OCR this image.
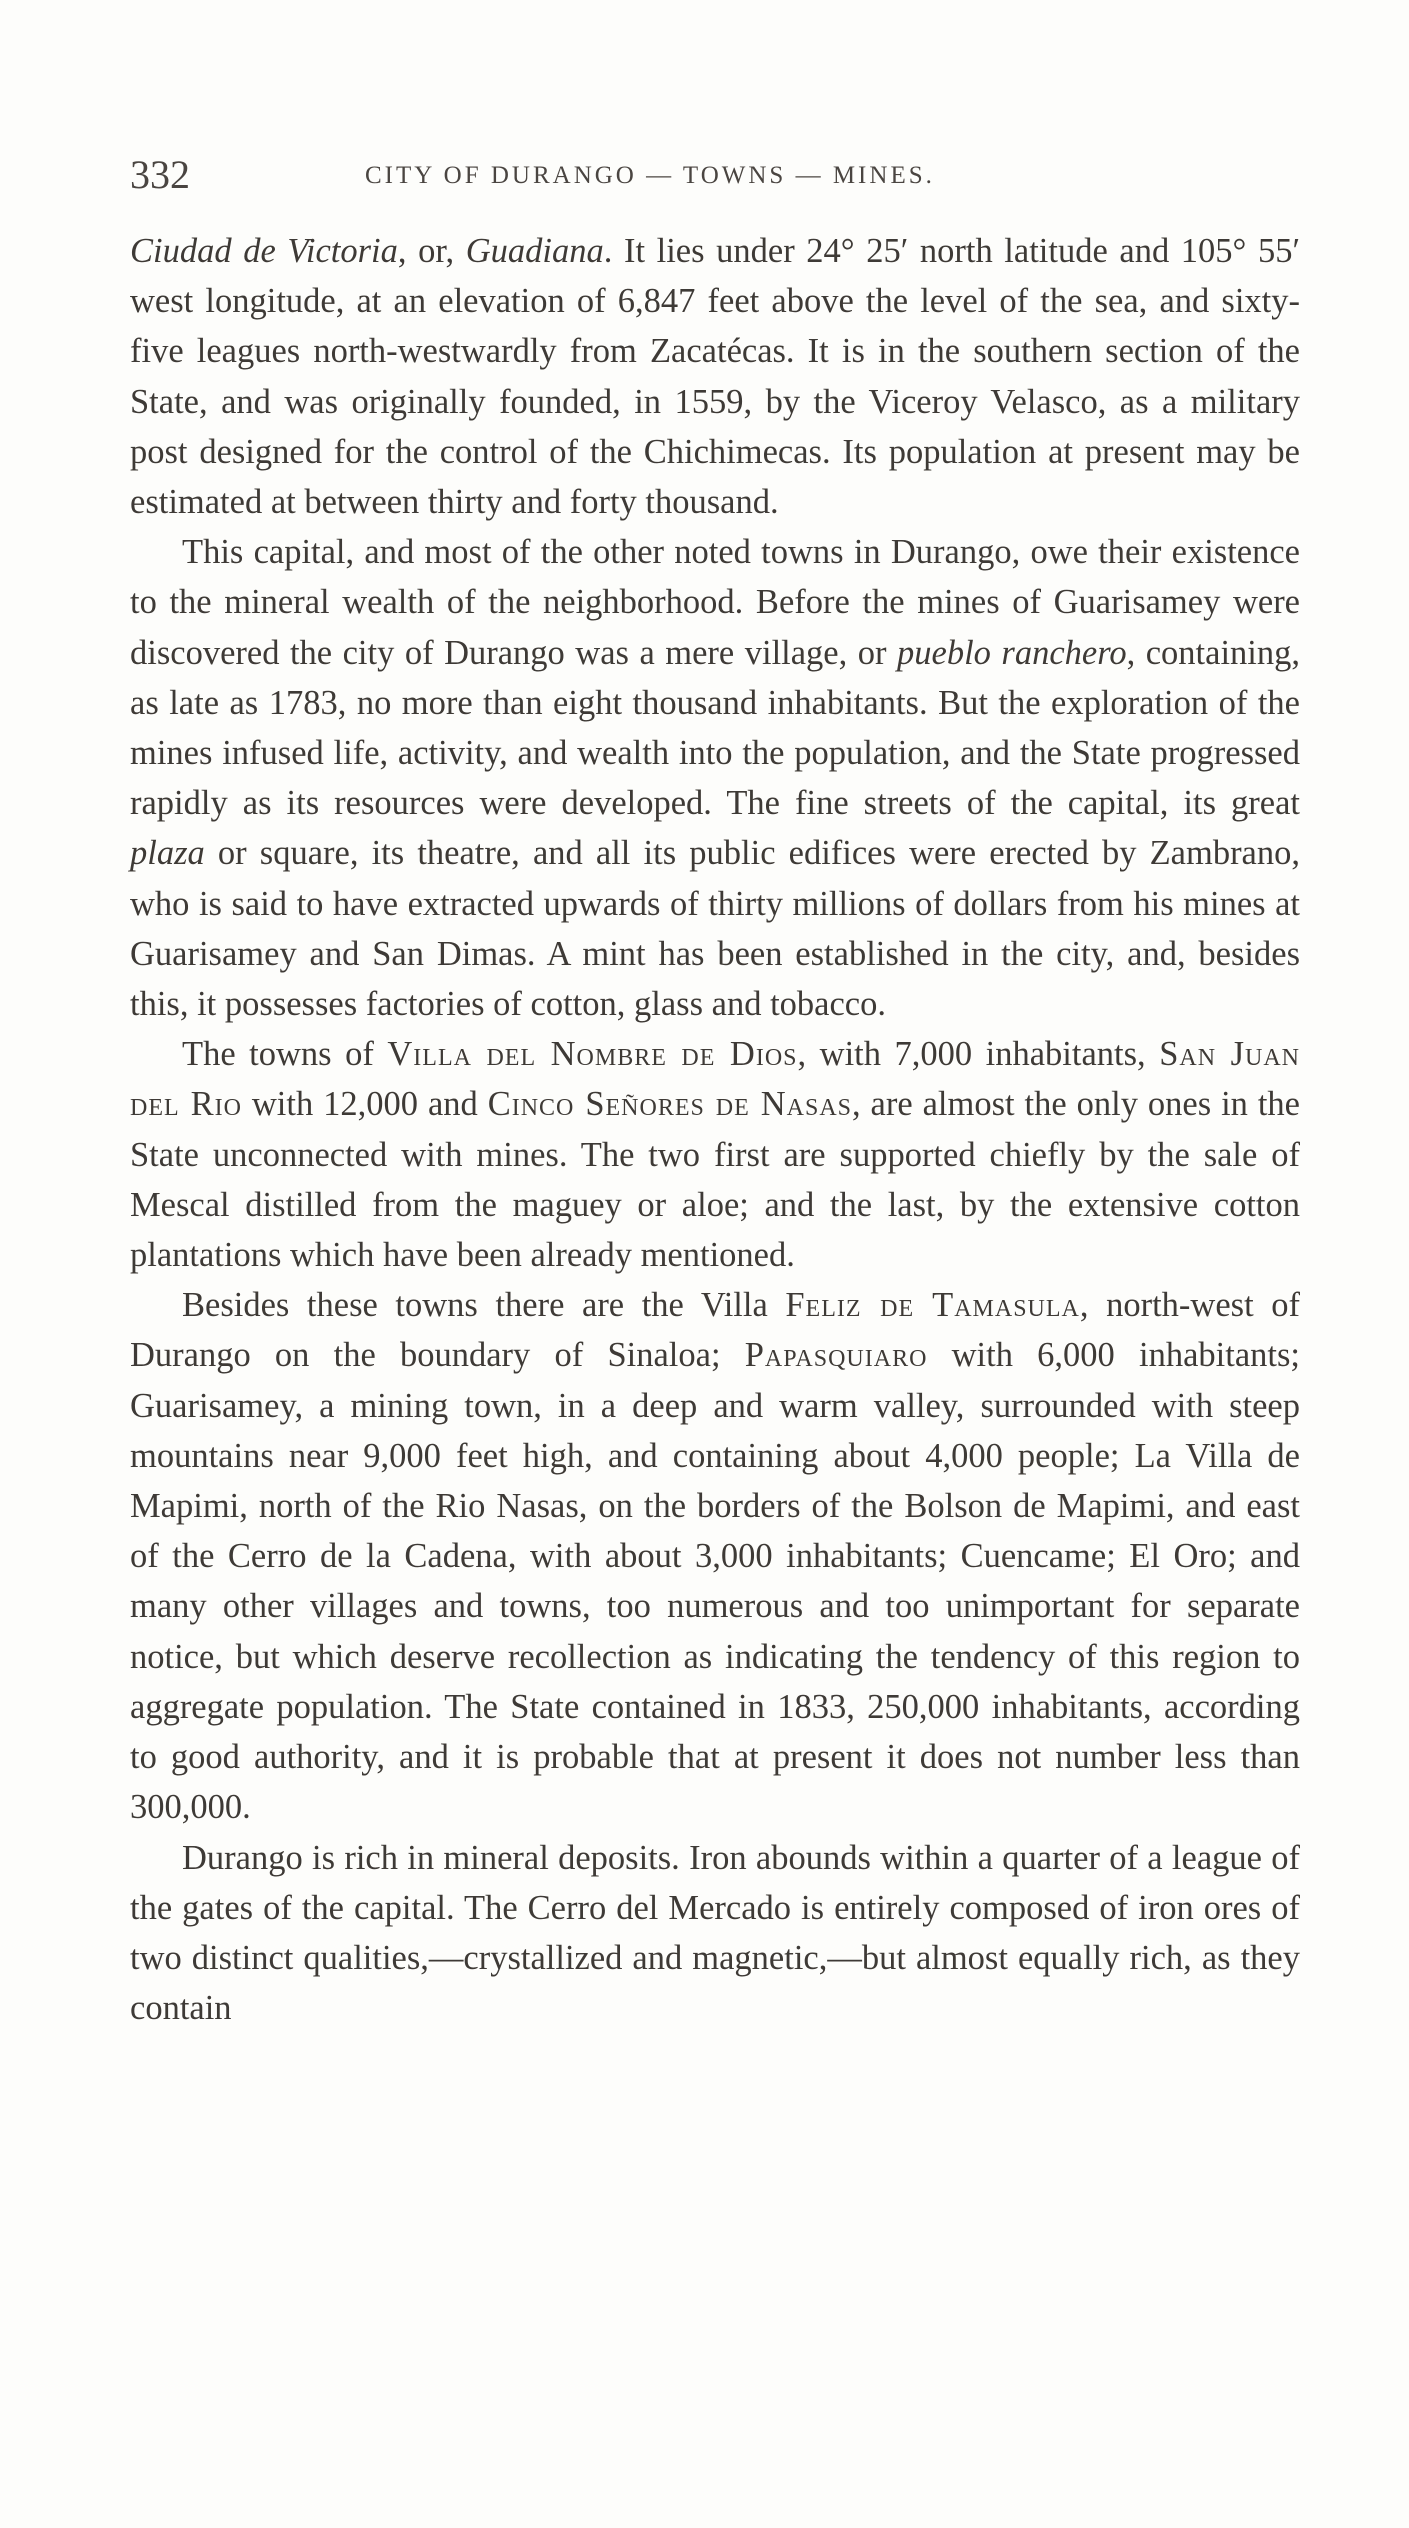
332	CITY OF DURANGO — TOWNS — MINES.

Ciudad de Victoria, or, Guadiana. It lies under 24° 25′ north latitude and 105° 55′ west longitude, at an elevation of 6,847 feet above the level of the sea, and sixty-five leagues north-westwardly from Zacatécas. It is in the southern section of the State, and was originally founded, in 1559, by the Viceroy Velasco, as a military post designed for the control of the Chichimecas. Its population at present may be estimated at between thirty and forty thousand.

This capital, and most of the other noted towns in Durango, owe their existence to the mineral wealth of the neighborhood. Before the mines of Guarisamey were discovered the city of Durango was a mere village, or pueblo ranchero, containing, as late as 1783, no more than eight thousand inhabitants. But the exploration of the mines infused life, activity, and wealth into the population, and the State progressed rapidly as its resources were developed. The fine streets of the capital, its great plaza or square, its theatre, and all its public edifices were erected by Zambrano, who is said to have extracted upwards of thirty millions of dollars from his mines at Guarisamey and San Dimas. A mint has been established in the city, and, besides this, it possesses factories of cotton, glass and tobacco.

The towns of Villa del Nombre de Dios, with 7,000 inhabitants, San Juan del Rio with 12,000 and Cinco Señores de Nasas, are almost the only ones in the State unconnected with mines. The two first are supported chiefly by the sale of Mescal distilled from the maguey or aloe; and the last, by the extensive cotton plantations which have been already mentioned.

Besides these towns there are the Villa Feliz de Tamasula, north-west of Durango on the boundary of Sinaloa; Papasquiaro with 6,000 inhabitants; Guarisamey, a mining town, in a deep and warm valley, surrounded with steep mountains near 9,000 feet high, and containing about 4,000 people; La Villa de Mapimi, north of the Rio Nasas, on the borders of the Bolson de Mapimi, and east of the Cerro de la Cadena, with about 3,000 inhabitants; Cuencame; El Oro; and many other villages and towns, too numerous and too unimportant for separate notice, but which deserve recollection as indicating the tendency of this region to aggregate population. The State contained in 1833, 250,000 inhabitants, according to good authority, and it is probable that at present it does not number less than 300,000.

Durango is rich in mineral deposits. Iron abounds within a quarter of a league of the gates of the capital. The Cerro del Mercado is entirely composed of iron ores of two distinct qualities,—crystallized and magnetic,—but almost equally rich, as they contain
